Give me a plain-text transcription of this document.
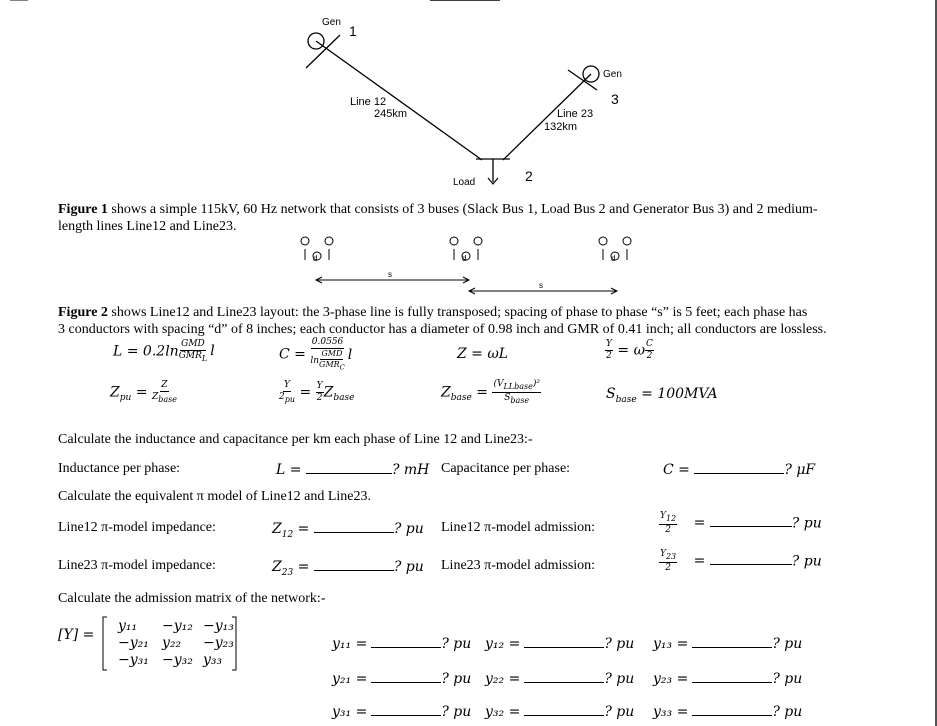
Gen
1
Gen
3
Line 12
245km	Line 23
132km
Load	2
Figure 1 shows a simple 115kV, 60 Hz network that consists of 3 buses (Slack Bus 1, Load Bus 2 and Generator Bus 3) and 2 medium-
length lines Line12 and Line23.
d	d	d
s
s
Figure 2 shows Line12 and Line23 layout: the 3-phase line is fully transposed; spacing of phase to phase “s” is 5 feet; each phase has
3 conductors with spacing “d” of 8 inches; each conductor has a diameter of 0.98 inch and GMR of 0.41 inch; all conductors are lossless.
$L = 0.2\ln \frac{\text{GMD}}{GMR_L}$ l	$C = \frac{0.0556}{\ln \frac{\text{GMD}}{GMR_C}}$ l	Z = ωL	$\frac{Y}{2} = \omega \frac{C}{2}$
$Z_{pu} = \frac{Z}{Z_{base}}$	$\frac{Y}{2_{pu}} = \frac{Y}{2} Z_{base}$	$Z_{base} = \frac{(V_{LLbase})^2}{S_{base}}$	$S_{base} = 100MVA$
Calculate the inductance and capacitance per km each phase of Line 12 and Line23:-
Inductance per phase:	L =	? mH Capacitance per phase:	C =	? μF
Calculate the equivalent π model of Line12 and Line23.
Line12 π-model impedance:	$Z_{12}$ =	? pu Line12 π-model admission:	$\frac{Y_{12}}{2}$ =	? pu
Line23 π-model impedance:	$Z_{23}$ =	? pu Line23 π-model admission:	$\frac{Y_{23}}{2}$ =	? pu
Calculate the admission matrix of the network:-
[Y] =
y₁₁ −y₁₂ −y₁₃
−y₂₁ y₂₂ −y₂₃
−y₃₁ −y₃₂ y₃₃
y₁₁ =	? pu y₁₂ =	? pu y₁₃ =	? pu
y₂₁ =	? pu y₂₂ =	? pu y₂₃ =	? pu
y₃₁ =	? pu y₃₂ =	? pu y₃₃ =	? pu
